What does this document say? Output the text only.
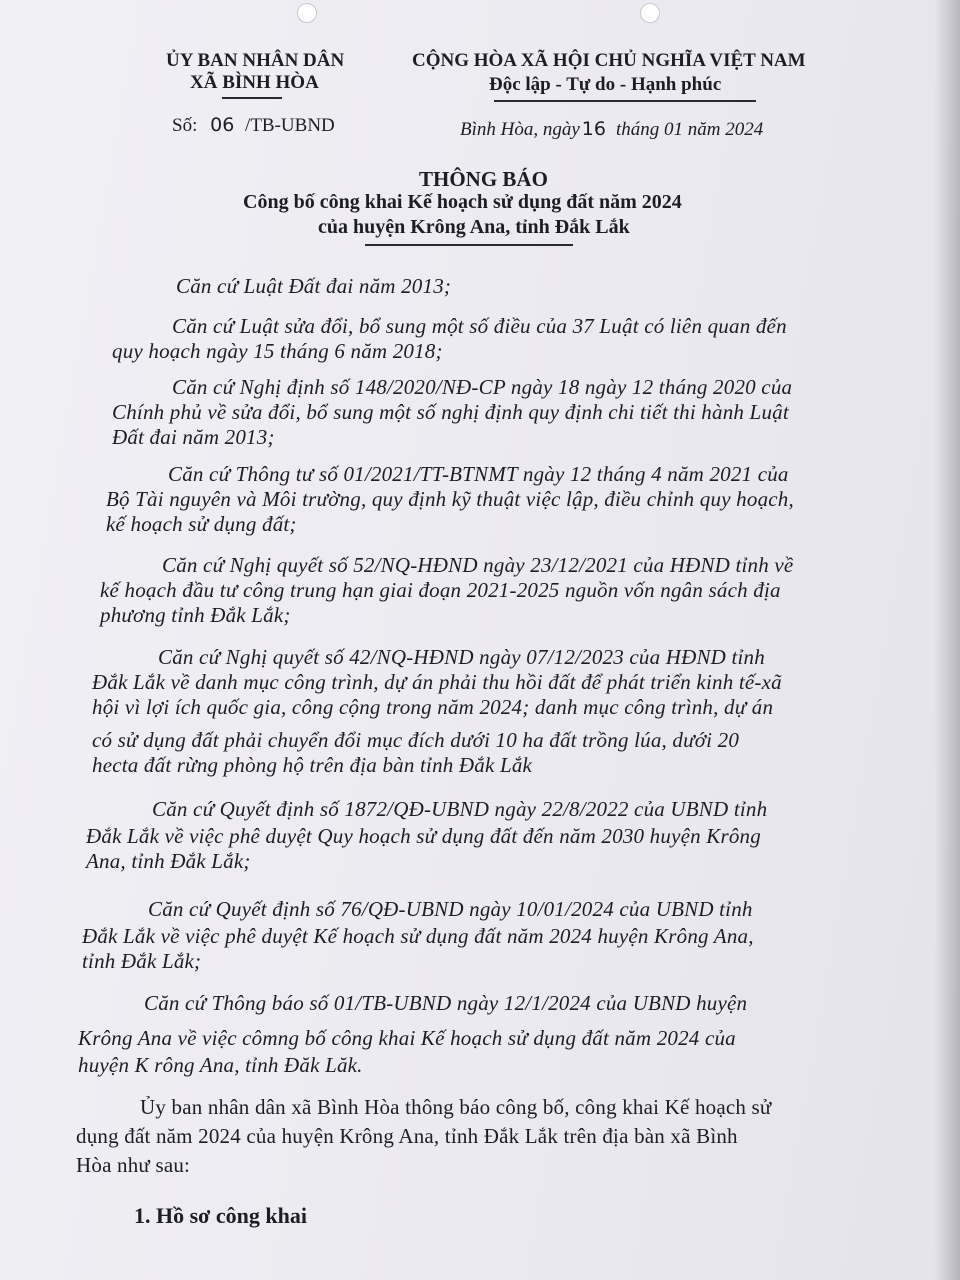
ỦY BAN NHÂN DÂN
XÃ BÌNH HÒA
Số: 06 /TB-UBND
CỘNG HÒA XÃ HỘI CHỦ NGHĨA VIỆT NAM
Độc lập - Tự do - Hạnh phúc
Bình Hòa, ngày 16 tháng 01 năm 2024
THÔNG BÁO
Công bố công khai Kế hoạch sử dụng đất năm 2024
của huyện Krông Ana, tỉnh Đắk Lắk
Căn cứ Luật Đất đai năm 2013;
Căn cứ Luật sửa đổi, bổ sung một số điều của 37 Luật có liên quan đến
quy hoạch ngày 15 tháng 6 năm 2018;
Căn cứ Nghị định số 148/2020/NĐ-CP ngày 18 ngày 12 tháng 2020 của
Chính phủ về sửa đổi, bổ sung một số nghị định quy định chi tiết thi hành Luật
Đất đai năm 2013;
Căn cứ Thông tư số 01/2021/TT-BTNMT ngày 12 tháng 4 năm 2021 của
Bộ Tài nguyên và Môi trường, quy định kỹ thuật việc lập, điều chỉnh quy hoạch,
kế hoạch sử dụng đất;
Căn cứ Nghị quyết số 52/NQ-HĐND ngày 23/12/2021 của HĐND tỉnh về
kế hoạch đầu tư công trung hạn giai đoạn 2021-2025 nguồn vốn ngân sách địa
phương tỉnh Đắk Lắk;
Căn cứ Nghị quyết số 42/NQ-HĐND ngày 07/12/2023 của HĐND tỉnh
Đắk Lắk về danh mục công trình, dự án phải thu hồi đất để phát triển kinh tế-xã
hội vì lợi ích quốc gia, công cộng trong năm 2024; danh mục công trình, dự án
có sử dụng đất phải chuyển đổi mục đích dưới 10 ha đất trồng lúa, dưới 20
hecta đất rừng phòng hộ trên địa bàn tỉnh Đắk Lắk
Căn cứ Quyết định số 1872/QĐ-UBND ngày 22/8/2022 của UBND tỉnh
Đắk Lắk về việc phê duyệt Quy hoạch sử dụng đất đến năm 2030 huyện Krông
Ana, tỉnh Đắk Lắk;
Căn cứ Quyết định số 76/QĐ-UBND ngày 10/01/2024 của UBND tỉnh
Đắk Lắk về việc phê duyệt Kế hoạch sử dụng đất năm 2024 huyện Krông Ana,
tỉnh Đắk Lắk;
Căn cứ Thông báo số 01/TB-UBND ngày 12/1/2024 của UBND huyện
Krông Ana về việc cômng bố công khai Kế hoạch sử dụng đất năm 2024 của
huyện K rông Ana, tỉnh Đăk Lăk.
Ủy ban nhân dân xã Bình Hòa thông báo công bố, công khai Kế hoạch sử
dụng đất năm 2024 của huyện Krông Ana, tỉnh Đắk Lắk trên địa bàn xã Bình
Hòa như sau:
1. Hồ sơ công khai
